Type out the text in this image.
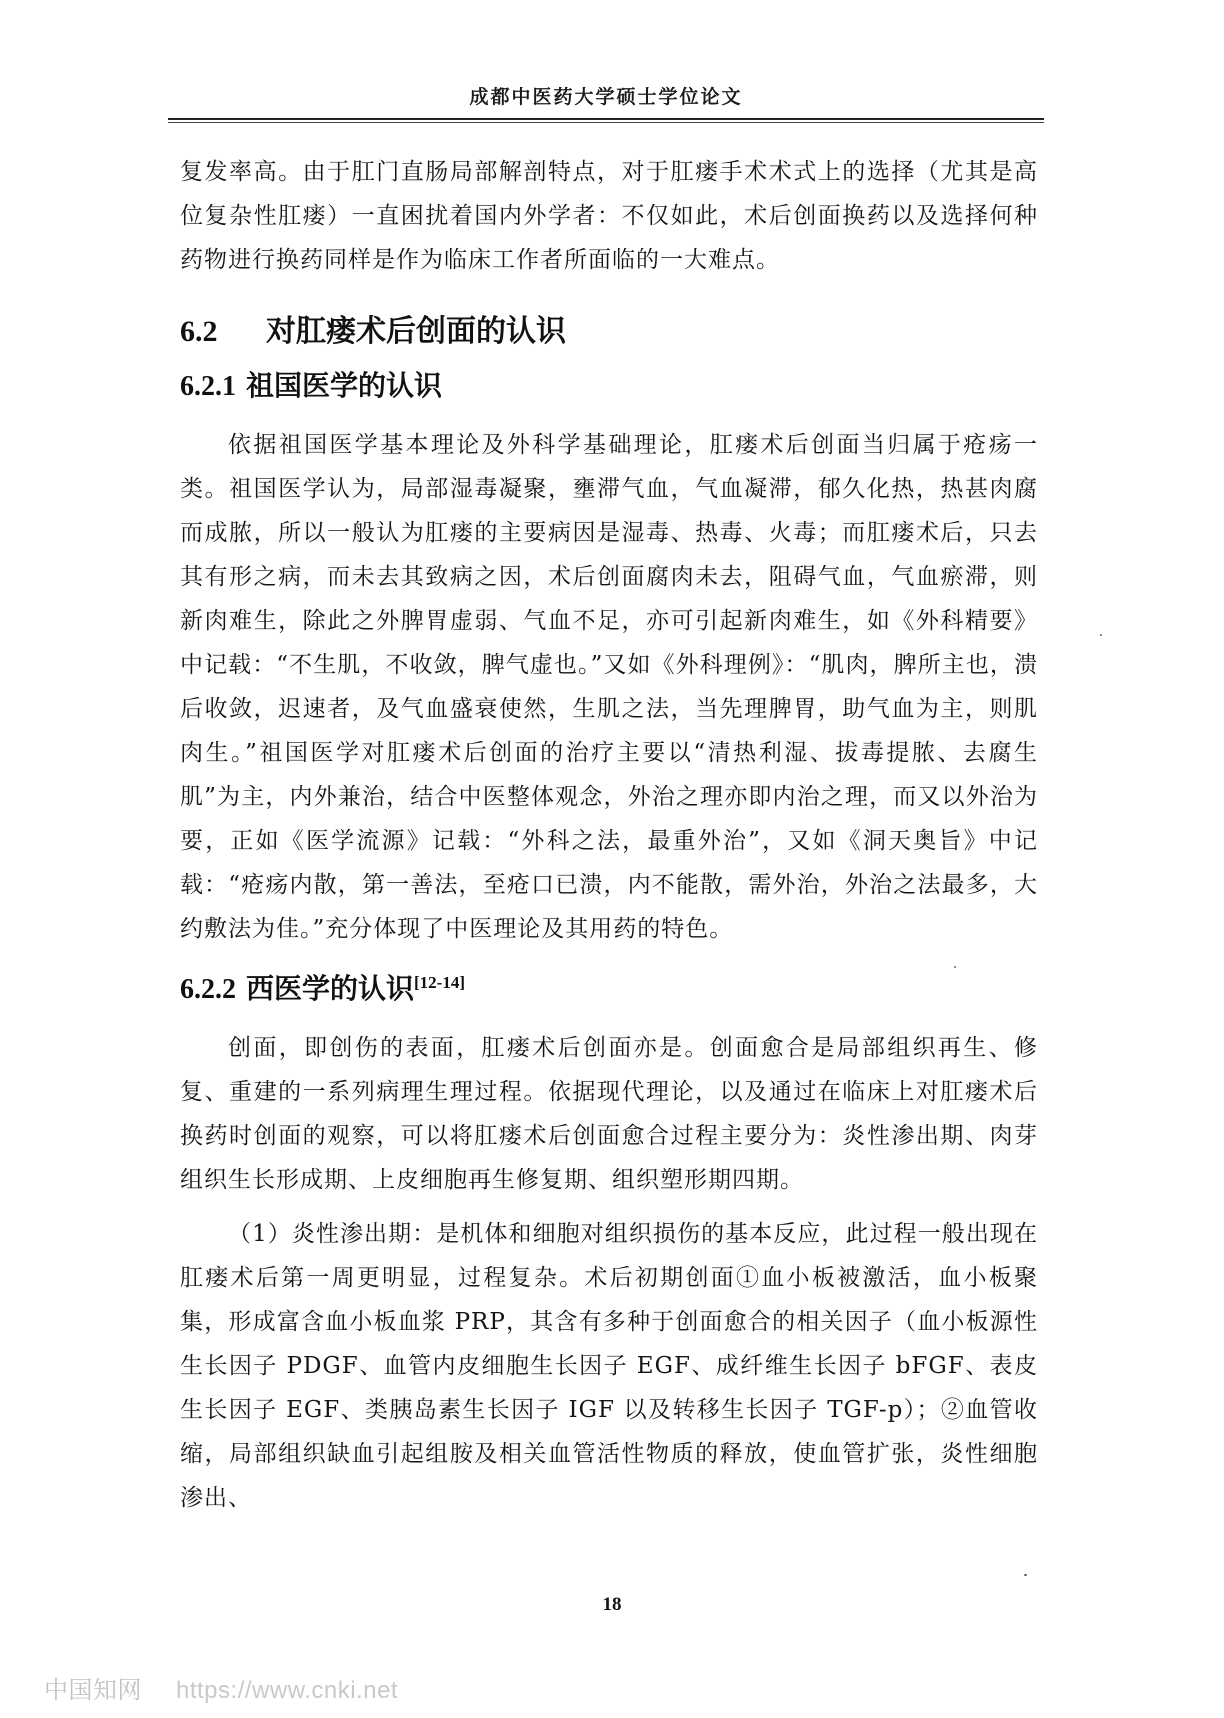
成都中医药大学硕士学位论文

复发率高。由于肛门直肠局部解剖特点，对于肛瘘手术术式上的选择（尤其是高位复杂性肛瘘）一直困扰着国内外学者：不仅如此，术后创面换药以及选择何种药物进行换药同样是作为临床工作者所面临的一大难点。

6.2 对肛瘘术后创面的认识
6.2.1 祖国医学的认识

依据祖国医学基本理论及外科学基础理论，肛瘘术后创面当归属于疮疡一类。祖国医学认为，局部湿毒凝聚，壅滞气血，气血凝滞，郁久化热，热甚肉腐而成脓，所以一般认为肛瘘的主要病因是湿毒、热毒、火毒；而肛瘘术后，只去其有形之病，而未去其致病之因，术后创面腐肉未去，阻碍气血，气血瘀滞，则新肉难生，除此之外脾胃虚弱、气血不足，亦可引起新肉难生，如《外科精要》中记载：“不生肌，不收敛，脾气虚也。”又如《外科理例》：“肌肉，脾所主也，溃后收敛，迟速者，及气血盛衰使然，生肌之法，当先理脾胃，助气血为主，则肌肉生。”祖国医学对肛瘘术后创面的治疗主要以“清热利湿、拔毒提脓、去腐生肌”为主，内外兼治，结合中医整体观念，外治之理亦即内治之理，而又以外治为要，正如《医学流源》记载：“外科之法，最重外治”，又如《洞天奥旨》中记载：“疮疡内散，第一善法，至疮口已溃，内不能散，需外治，外治之法最多，大约敷法为佳。”充分体现了中医理论及其用药的特色。

6.2.2 西医学的认识[12-14]

创面，即创伤的表面，肛瘘术后创面亦是。创面愈合是局部组织再生、修复、重建的一系列病理生理过程。依据现代理论，以及通过在临床上对肛瘘术后换药时创面的观察，可以将肛瘘术后创面愈合过程主要分为：炎性渗出期、肉芽组织生长形成期、上皮细胞再生修复期、组织塑形期四期。

（1）炎性渗出期：是机体和细胞对组织损伤的基本反应，此过程一般出现在肛瘘术后第一周更明显，过程复杂。术后初期创面①血小板被激活，血小板聚集，形成富含血小板血浆 PRP，其含有多种于创面愈合的相关因子（血小板源性生长因子 PDGF、血管内皮细胞生长因子 EGF、成纤维生长因子 bFGF、表皮生长因子 EGF、类胰岛素生长因子 IGF 以及转移生长因子 TGF-p）；②血管收缩，局部组织缺血引起组胺及相关血管活性物质的释放，使血管扩张，炎性细胞渗出、

18
中国知网 https://www.cnki.net
